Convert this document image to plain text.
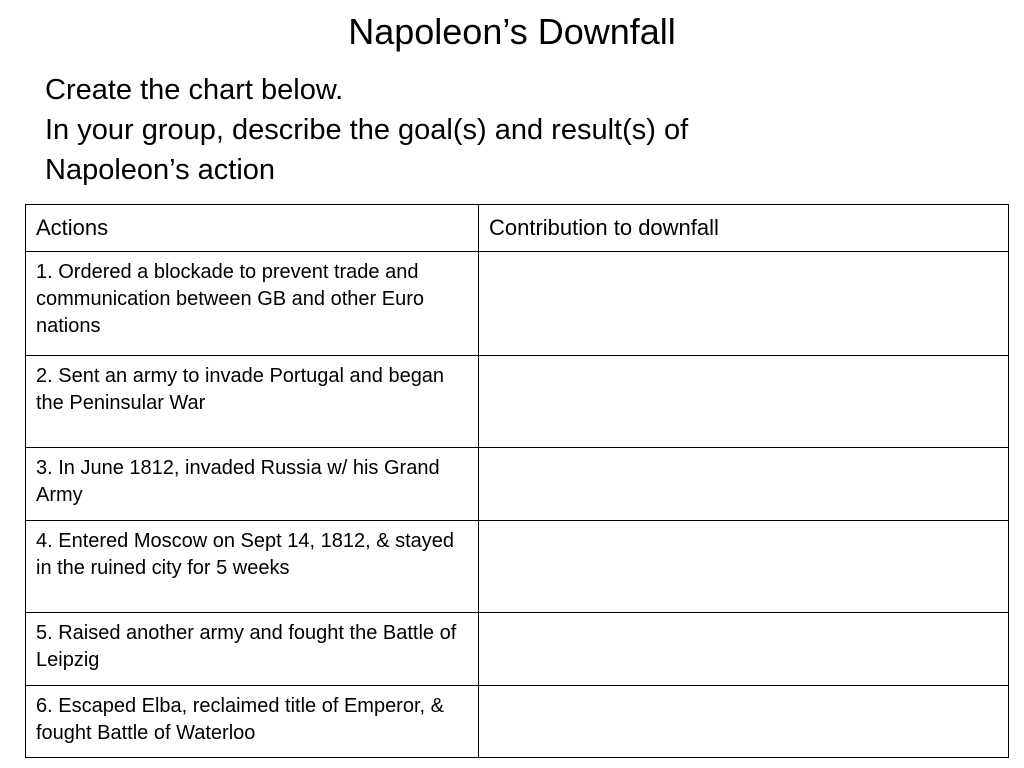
Napoleon’s Downfall
Create the chart below.
In your group, describe the goal(s) and result(s) of
Napoleon’s action
Actions	Contribution to downfall
1. Ordered a blockade to prevent trade and communication between GB and other Euro nations	
2. Sent an army to invade Portugal and began the Peninsular War	
3. In June 1812, invaded Russia w/ his Grand Army	
4. Entered Moscow on Sept 14, 1812, & stayed in the ruined city for 5 weeks	
5. Raised another army and fought the Battle of Leipzig	
6. Escaped Elba, reclaimed title of Emperor, & fought Battle of Waterloo	
